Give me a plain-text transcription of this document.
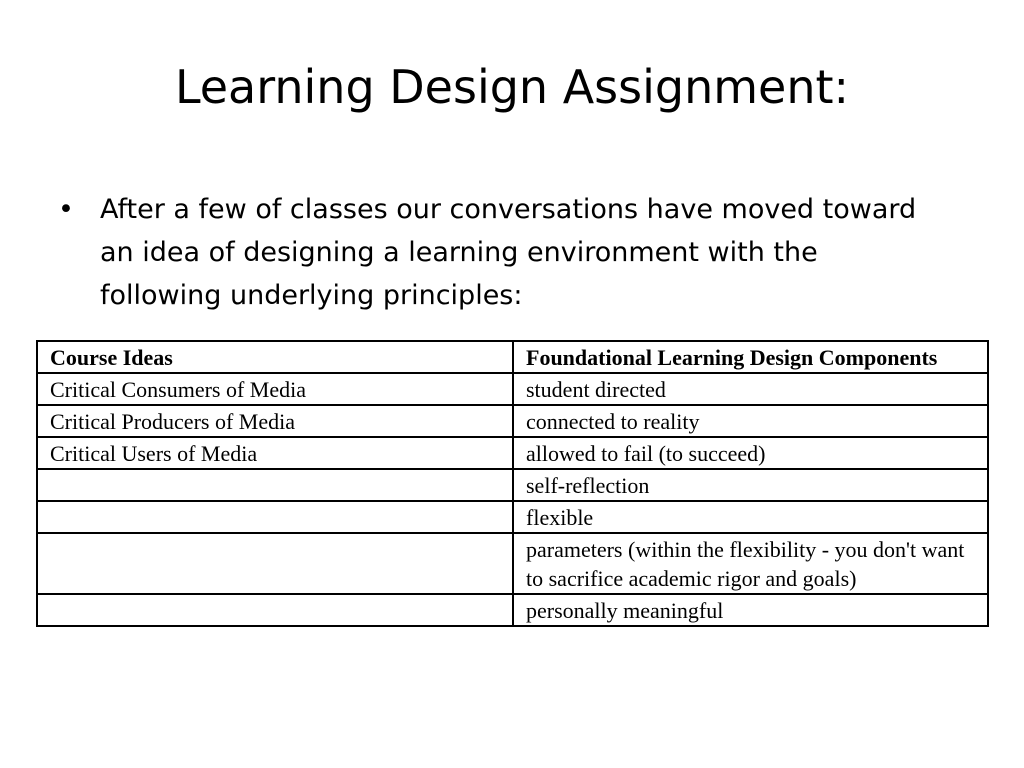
Learning Design Assignment:
• After a few of classes our conversations have moved toward an idea of designing a learning environment with the following underlying principles:
Course Ideas	Foundational Learning Design Components
Critical Consumers of Media	student directed
Critical Producers of Media	connected to reality
Critical Users of Media	allowed to fail (to succeed)
	self-reflection
	flexible
	parameters (within the flexibility - you don't want to sacrifice academic rigor and goals)
	personally meaningful
